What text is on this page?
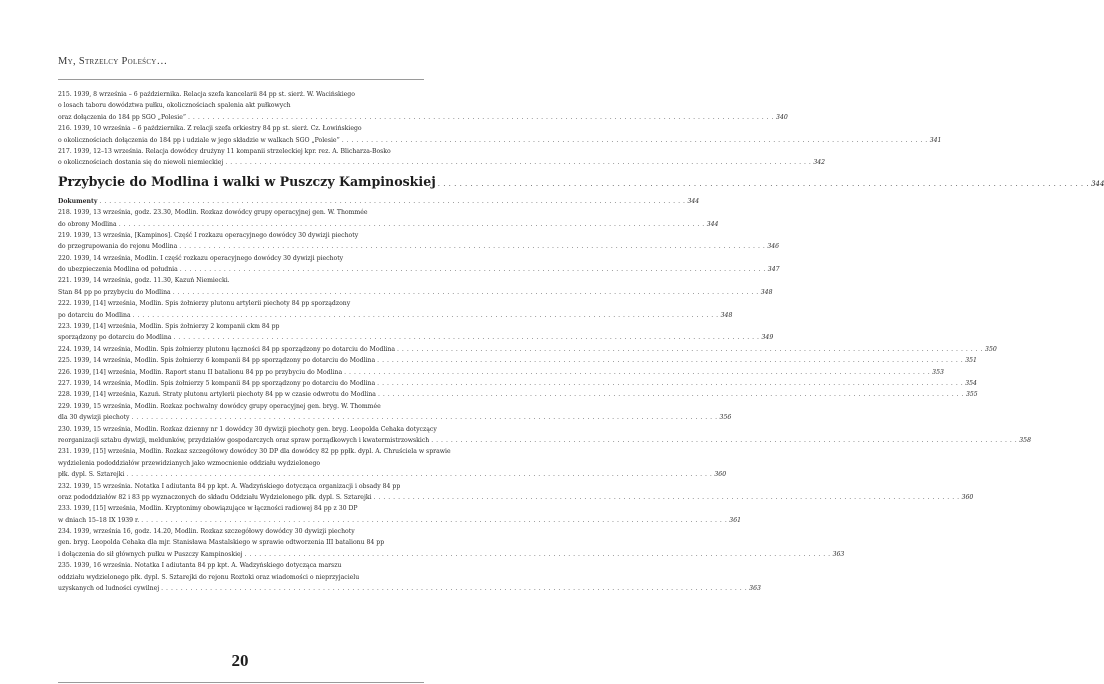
My, Strzelcy Poleścy…
215. 1939, 8 września – 6 października. Relacja szefa kancelarii 84 pp st. sierż. W. Wacińskiego
o losach taboru dowództwa pułku, okolicznościach spalenia akt pułkowych
oraz dołączenia do 184 pp SGO „Polesie” . . .	340
216. 1939, 10 września – 6 października. Z relacji szefa orkiestry 84 pp st. sierż. Cz. Łowińskiego
o okolicznościach dołączenia do 184 pp i udziale w jego składzie w walkach SGO „Polesie” . . .	341
217. 1939, 12–13 września. Relacja dowódcy drużyny 11 kompanii strzeleckiej kpr. rez. A. Blicharza-Bosko
o okolicznościach dostania się do niewoli niemieckiej . . .	342
Przybycie do Modlina i walki w Puszczy Kampinoskiej . . .	344
Dokumenty . . .	344
218. 1939, 13 września, godz. 23.30, Modlin. Rozkaz dowódcy grupy operacyjnej gen. W. Thommée
do obrony Modlina . . .	344
219. 1939, 13 września, [Kampinos]. Część I rozkazu operacyjnego dowódcy 30 dywizji piechoty
do przegrupowania do rejonu Modlina . . .	346
220. 1939, 14 września, Modlin. I część rozkazu operacyjnego dowódcy 30 dywizji piechoty
do ubezpieczenia Modlina od południa . . .	347
221. 1939, 14 września, godz. 11.30, Kazuń Niemiecki.
Stan 84 pp po przybyciu do Modlina . . .	348
222. 1939, [14] września, Modlin. Spis żołnierzy plutonu artylerii piechoty 84 pp sporządzony
po dotarciu do Modlina . . .	348
223. 1939, [14] września, Modlin. Spis żołnierzy 2 kompanii ckm 84 pp
sporządzony po dotarciu do Modlina . . .	349
224. 1939, 14 września, Modlin. Spis żołnierzy plutonu łączności 84 pp sporządzony po dotarciu do Modlina . . .	350
225. 1939, 14 września, Modlin. Spis żołnierzy 6 kompanii 84 pp sporządzony po dotarciu do Modlina . . .	351
226. 1939, [14] września, Modlin. Raport stanu II batalionu 84 pp po przybyciu do Modlina . . .	353
227. 1939, 14 września, Modlin. Spis żołnierzy 5 kompanii 84 pp sporządzony po dotarciu do Modlina . . .	354
228. 1939, [14] września, Kazuń. Straty plutonu artylerii piechoty 84 pp w czasie odwrotu do Modlina . . .	355
229. 1939, 15 września, Modlin. Rozkaz pochwalny dowódcy grupy operacyjnej gen. bryg. W. Thommée
dla 30 dywizji piechoty . . .	356
230. 1939, 15 września, Modlin. Rozkaz dzienny nr 1 dowódcy 30 dywizji piechoty gen. bryg. Leopolda Cehaka dotyczący
reorganizacji sztabu dywizji, meldunków, przydziałów gospodarczych oraz spraw porządkowych i kwatermistrzowskich . . .	358
231. 1939, [15] września, Modlin. Rozkaz szczegółowy dowódcy 30 DP dla dowódcy 82 pp ppłk. dypl. A. Chruściela w sprawie
wydzielenia pododdziałów przewidzianych jako wzmocnienie oddziału wydzielonego
płk. dypl. S. Sztarejki . . .	360
232. 1939, 15 września. Notatka I adiutanta 84 pp kpt. A. Wadzyńskiego dotycząca organizacji i obsady 84 pp
oraz pododdziałów 82 i 83 pp wyznaczonych do składu Oddziału Wydzielonego płk. dypl. S. Sztarejki . . .	360
233. 1939, [15] września, Modlin. Kryptonimy obowiązujące w łączności radiowej 84 pp z 30 DP
w dniach 15–18 IX 1939 r. . . .	361
234. 1939, września 16, godz. 14.20, Modlin. Rozkaz szczegółowy dowódcy 30 dywizji piechoty
gen. bryg. Leopolda Cehaka dla mjr. Stanisława Mastalskiego w sprawie odtworzenia III batalionu 84 pp
i dołączenia do sił głównych pułku w Puszczy Kampinoskiej . . .	363
235. 1939, 16 września. Notatka I adiutanta 84 pp kpt. A. Wadzyńskiego dotycząca marszu
oddziału wydzielonego płk. dypl. S. Sztarejki do rejonu Roztoki oraz wiadomości o nieprzyjacielu
uzyskanych od ludności cywilnej . . .	363
20
